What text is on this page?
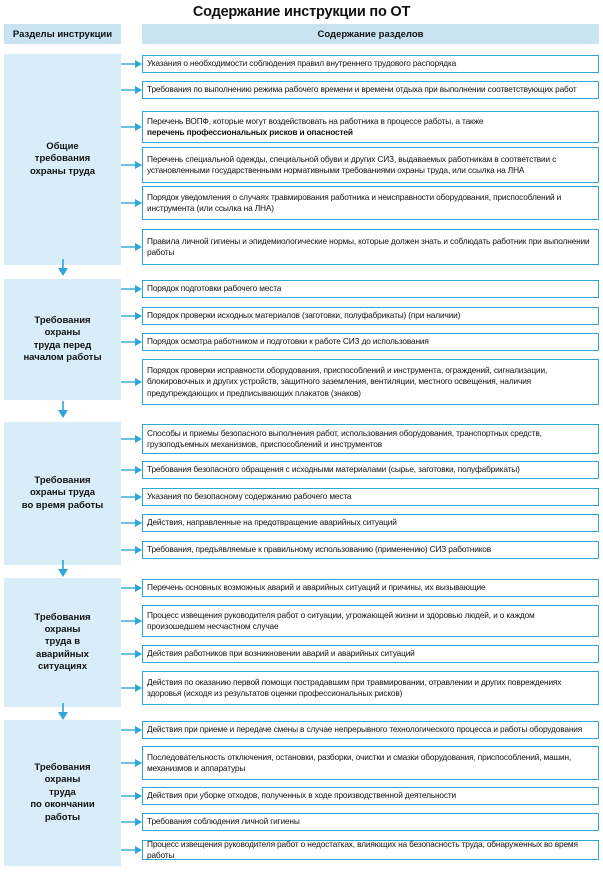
Содержание инструкции по ОТ
Разделы инструкции	Содержание разделов
Общие требования
охраны труда
Указания о необходимости соблюдения правил внутреннего трудового распорядка
Требования по выполнению режима рабочего времени и времени отдыха при выполнении соответствующих работ
Перечень ВОПФ, которые могут воздействовать на работника в процессе работы, а также
перечень профессиональных рисков и опасностей
Перечень специальной одежды, специальной обуви и других СИЗ, выдаваемых работникам в соответствии с установленными государственными нормативными требованиями охраны труда, или ссылка на ЛНА
Порядок уведомления о случаях травмирования работника и неисправности оборудования, приспособлений и инструмента (или ссылка на ЛНА)
Правила личной гигиены и эпидемиологические нормы, которые должен знать и соблюдать работник при выполнении работы
Требования охраны
труда перед
началом работы
Порядок подготовки рабочего места
Порядок проверки исходных материалов (заготовки, полуфабрикаты) (при наличии)
Порядок осмотра работником и подготовки к работе СИЗ до использования
Порядок проверки исправности оборудования, приспособлений и инструмента, ограждений, сигнализации, блокировочных и других устройств, защитного заземления, вентиляции, местного освещения, наличия предупреждающих и предписывающих плакатов (знаков)
Требования
охраны труда
во время работы
Способы и приемы безопасного выполнения работ, использования оборудования, транспортных средств, грузоподъемных механизмов, приспособлений и инструментов
Требования безопасного обращения с исходными материалами (сырье, заготовки, полуфабрикаты)
Указания по безопасному содержанию рабочего места
Действия, направленные на предотвращение аварийных ситуаций
Требования, предъявляемые к правильному использованию (применению) СИЗ работников
Требования охраны
труда в аварийных
ситуациях
Перечень основных возможных аварий и аварийных ситуаций и причины, их вызывающие
Процесс извещения руководителя работ о ситуации, угрожающей жизни и здоровью людей, и о каждом произошедшем несчастном случае
Действия работников при возникновении аварий и аварийных ситуаций
Действия по оказанию первой помощи пострадавшим при травмировании, отравлении и других повреждениях здоровья (исходя из результатов оценки профессиональных рисков)
Требования охраны
труда
по окончании работы
Действия при приеме и передаче смены в случае непрерывного технологического процесса и работы оборудования
Последовательность отключения, остановки, разборки, очистки и смазки оборудования, приспособлений, машин, механизмов и аппаратуры
Действия при уборке отходов, полученных в ходе производственной деятельности
Требования соблюдения личной гигиены
Процесс извещения руководителя работ о недостатках, влияющих на безопасность труда, обнаруженных во время работы
